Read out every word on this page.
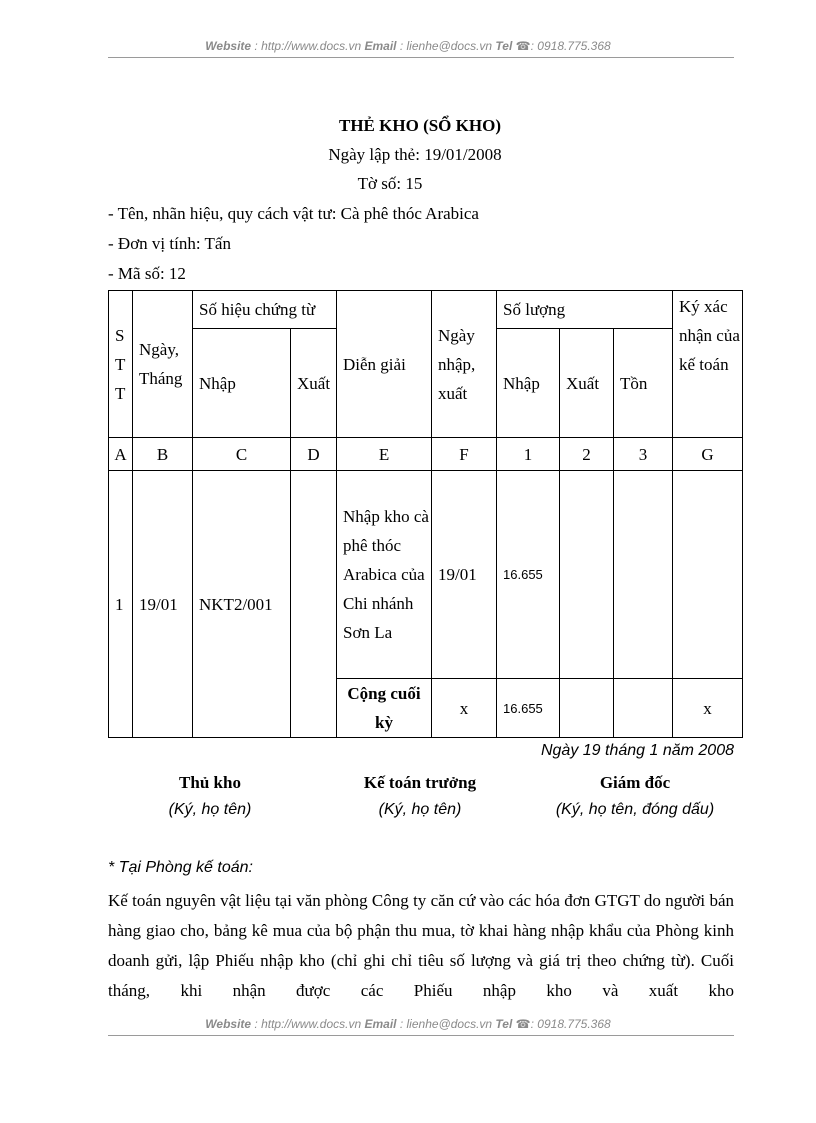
Website : http://www.docs.vn Email : lienhe@docs.vn Tel ☎: 0918.775.368
THẺ KHO (SỔ KHO)
Ngày lập thẻ: 19/01/2008
Tờ số: 15
- Tên, nhãn hiệu, quy cách vật tư: Cà phê thóc Arabica
- Đơn vị tính: Tấn
- Mã số: 12
S T T	Ngày, Tháng	Số hiệu chứng từ		Diễn giải	Ngày nhập, xuất	Số lượng			Ký xác nhận của kế toán
		Nhập	Xuất			Nhập	Xuất	Tồn	
A	B	C	D	E	F	1	2	3	G
1	19/01	NKT2/001		Nhập kho cà phê thóc Arabica của Chi nhánh Sơn La	19/01	16.655			
				Cộng cuối kỳ	x	16.655			x
Ngày 19 tháng 1 năm 2008
Thủ kho
(Ký, họ tên)
Kế toán trưởng
(Ký, họ tên)
Giám đốc
(Ký, họ tên, đóng dấu)
* Tại Phòng kế toán:
Kế toán nguyên vật liệu tại văn phòng Công ty căn cứ vào các hóa đơn GTGT do người bán hàng giao cho, bảng kê mua của bộ phận thu mua, tờ khai hàng nhập khẩu của Phòng kinh doanh gửi, lập Phiếu nhập kho (chỉ ghi chỉ tiêu số lượng và giá trị theo chứng từ). Cuối tháng, khi nhận được các Phiếu nhập kho và xuất kho
Website : http://www.docs.vn Email : lienhe@docs.vn Tel ☎: 0918.775.368
